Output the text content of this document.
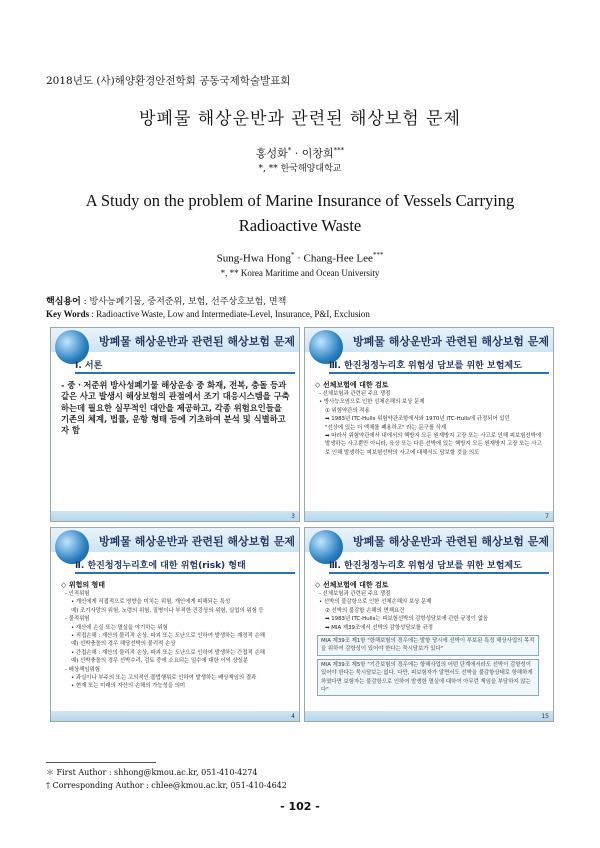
2018년도 (사)해양환경안전학회 공동국제학술발표회
방폐물 해상운반과 관련된 해상보험 문제
홍성화* · 이창희***
*, ** 한국해양대학교
A Study on the problem of Marine Insurance of Vessels Carrying
Radioactive Waste
Sung-Hwa Hong* · Chang-Hee Lee***
*, ** Korea Maritime and Ocean University
핵심용어 : 방사능폐기물, 중저준위, 보험, 선주상호보험, 면책
Key Words : Radioactive Waste, Low and Intermediate-Level, Insurance, P&I, Exclusion
방폐물 해상운반과 관련된 해상보험 문제
Ⅰ. 서론
- 중ㆍ저준위 방사성폐기물 해상운송 중 화재, 전복, 충돌 등과 같은 사고 발생시 해상보험의 관점에서 조기 대응시스템을 구축하는데 필요한 실무적인 대안을 제공하고, 각종 위험요인들을 기존의 체계, 법률, 운항 형태 등에 기초하여 분석 및 식별하고자 함
3
방폐물 해상운반과 관련된 해상보험 문제
Ⅲ. 한진청정누리호 위험성 담보를 위한 보험제도
◇ 선체보험에 대한 검토
- 선체보험과 관련된 주요 쟁점
• 방사능오염으로 인한 선체손해의 보상 문제
① 위험약관의 적용
➡ 1983년 ITC-Hulls 위험약관조항에서와 1970년 ITC-Hulls에 규정되어 있던
"선상에 있는 더 액체를 폐용하고" 라는 문구를 삭제
➡ 따라서 위험약관에서 내에서의 핵방지 모든 원재방지 고장 또는 사고로 인해 피보험선박에 발생하는 사고뿐만 아니라, 육상 또는 다른 선박에 있는 핵방지 모든 원재방지 고장 또는 사고로 인해 발생하는 피보험선박의 사고에 대해서도 담보할 것을 의도
7
방폐물 해상운반과 관련된 해상보험 문제
Ⅱ. 한진청정누리호에 대한 위험(risk) 형태
◇ 위험의 형태
- 인적위험
• 개인에게 직접적으로 영향을 미치는 위험, 개인에게 피해되는 특성
예) 조기사망의 위험, 노령의 위험, 질병이나 부적한 건강상의 위험, 실업의 위험 등
- 물적위험
• 재산에 손실 또는 멸실을 야기하는 위험
• 직접손해 : 재산의 물리적 손상, 파괴 또는 도난으로 인하여 발생하는 재정적 손해
예) 선박충돌의 경우 해당선박의 물리적 손상
• 간접손해 : 재산의 물리적 손상, 파괴 또는 도난으로 인하여 발생하는 간접적 손해
예) 선박충돌의 경우 선박수리, 검토 중에 소요되는 일수에 대한 이익 상실분
- 배상책임위험
• 과실이나 부주의 또는 고의적인 불법행위로 인하여 발생하는 배상책임의 결과
• 현재 또는 미래의 자산의 손해의 가능성을 의미
4
방폐물 해상운반과 관련된 해상보험 문제
Ⅲ. 한진청정누리호 위험성 담보를 위한 보험제도
◇ 선체보험에 대한 검토
- 선체보험과 관련된 주요 쟁점
• 선박의 불감항으로 인한 선체손해의 보상 문제
② 선박의 불감항 손해의 면책요건
➡ 1983년 ITC-Hulls는 피보험선박의 감항성담보에 관한 규정이 없음
➡ MIA 제39조에서 선박의 감항성담보를 규정
MIA 제39조 제1항 "항해보험의 경우에는 발항 당시에 선박이 부보된 특정 해상사업의 목적을 위하여 감항성이 있어야 한다는 묵시담보가 있다"
MIA 제39조 제5항 "기간보험의 경우에는 항해사업의 어떤 단계에서라도 선박이 감항성이 있어야 한다는 묵시담보는 없다. 다만, 피보험자가 알면서도 선박을 불감항상태로 항해하게 하였다면 보험자는 불감항으로 인하여 발생한 멸실에 대하여 아무런 책임을 부담하지 않는다"
15
＊ First Author : shhong@kmou.ac.kr, 051-410-4274
† Corresponding Author : chlee@kmou.ac.kr, 051-410-4642
- 102 -
